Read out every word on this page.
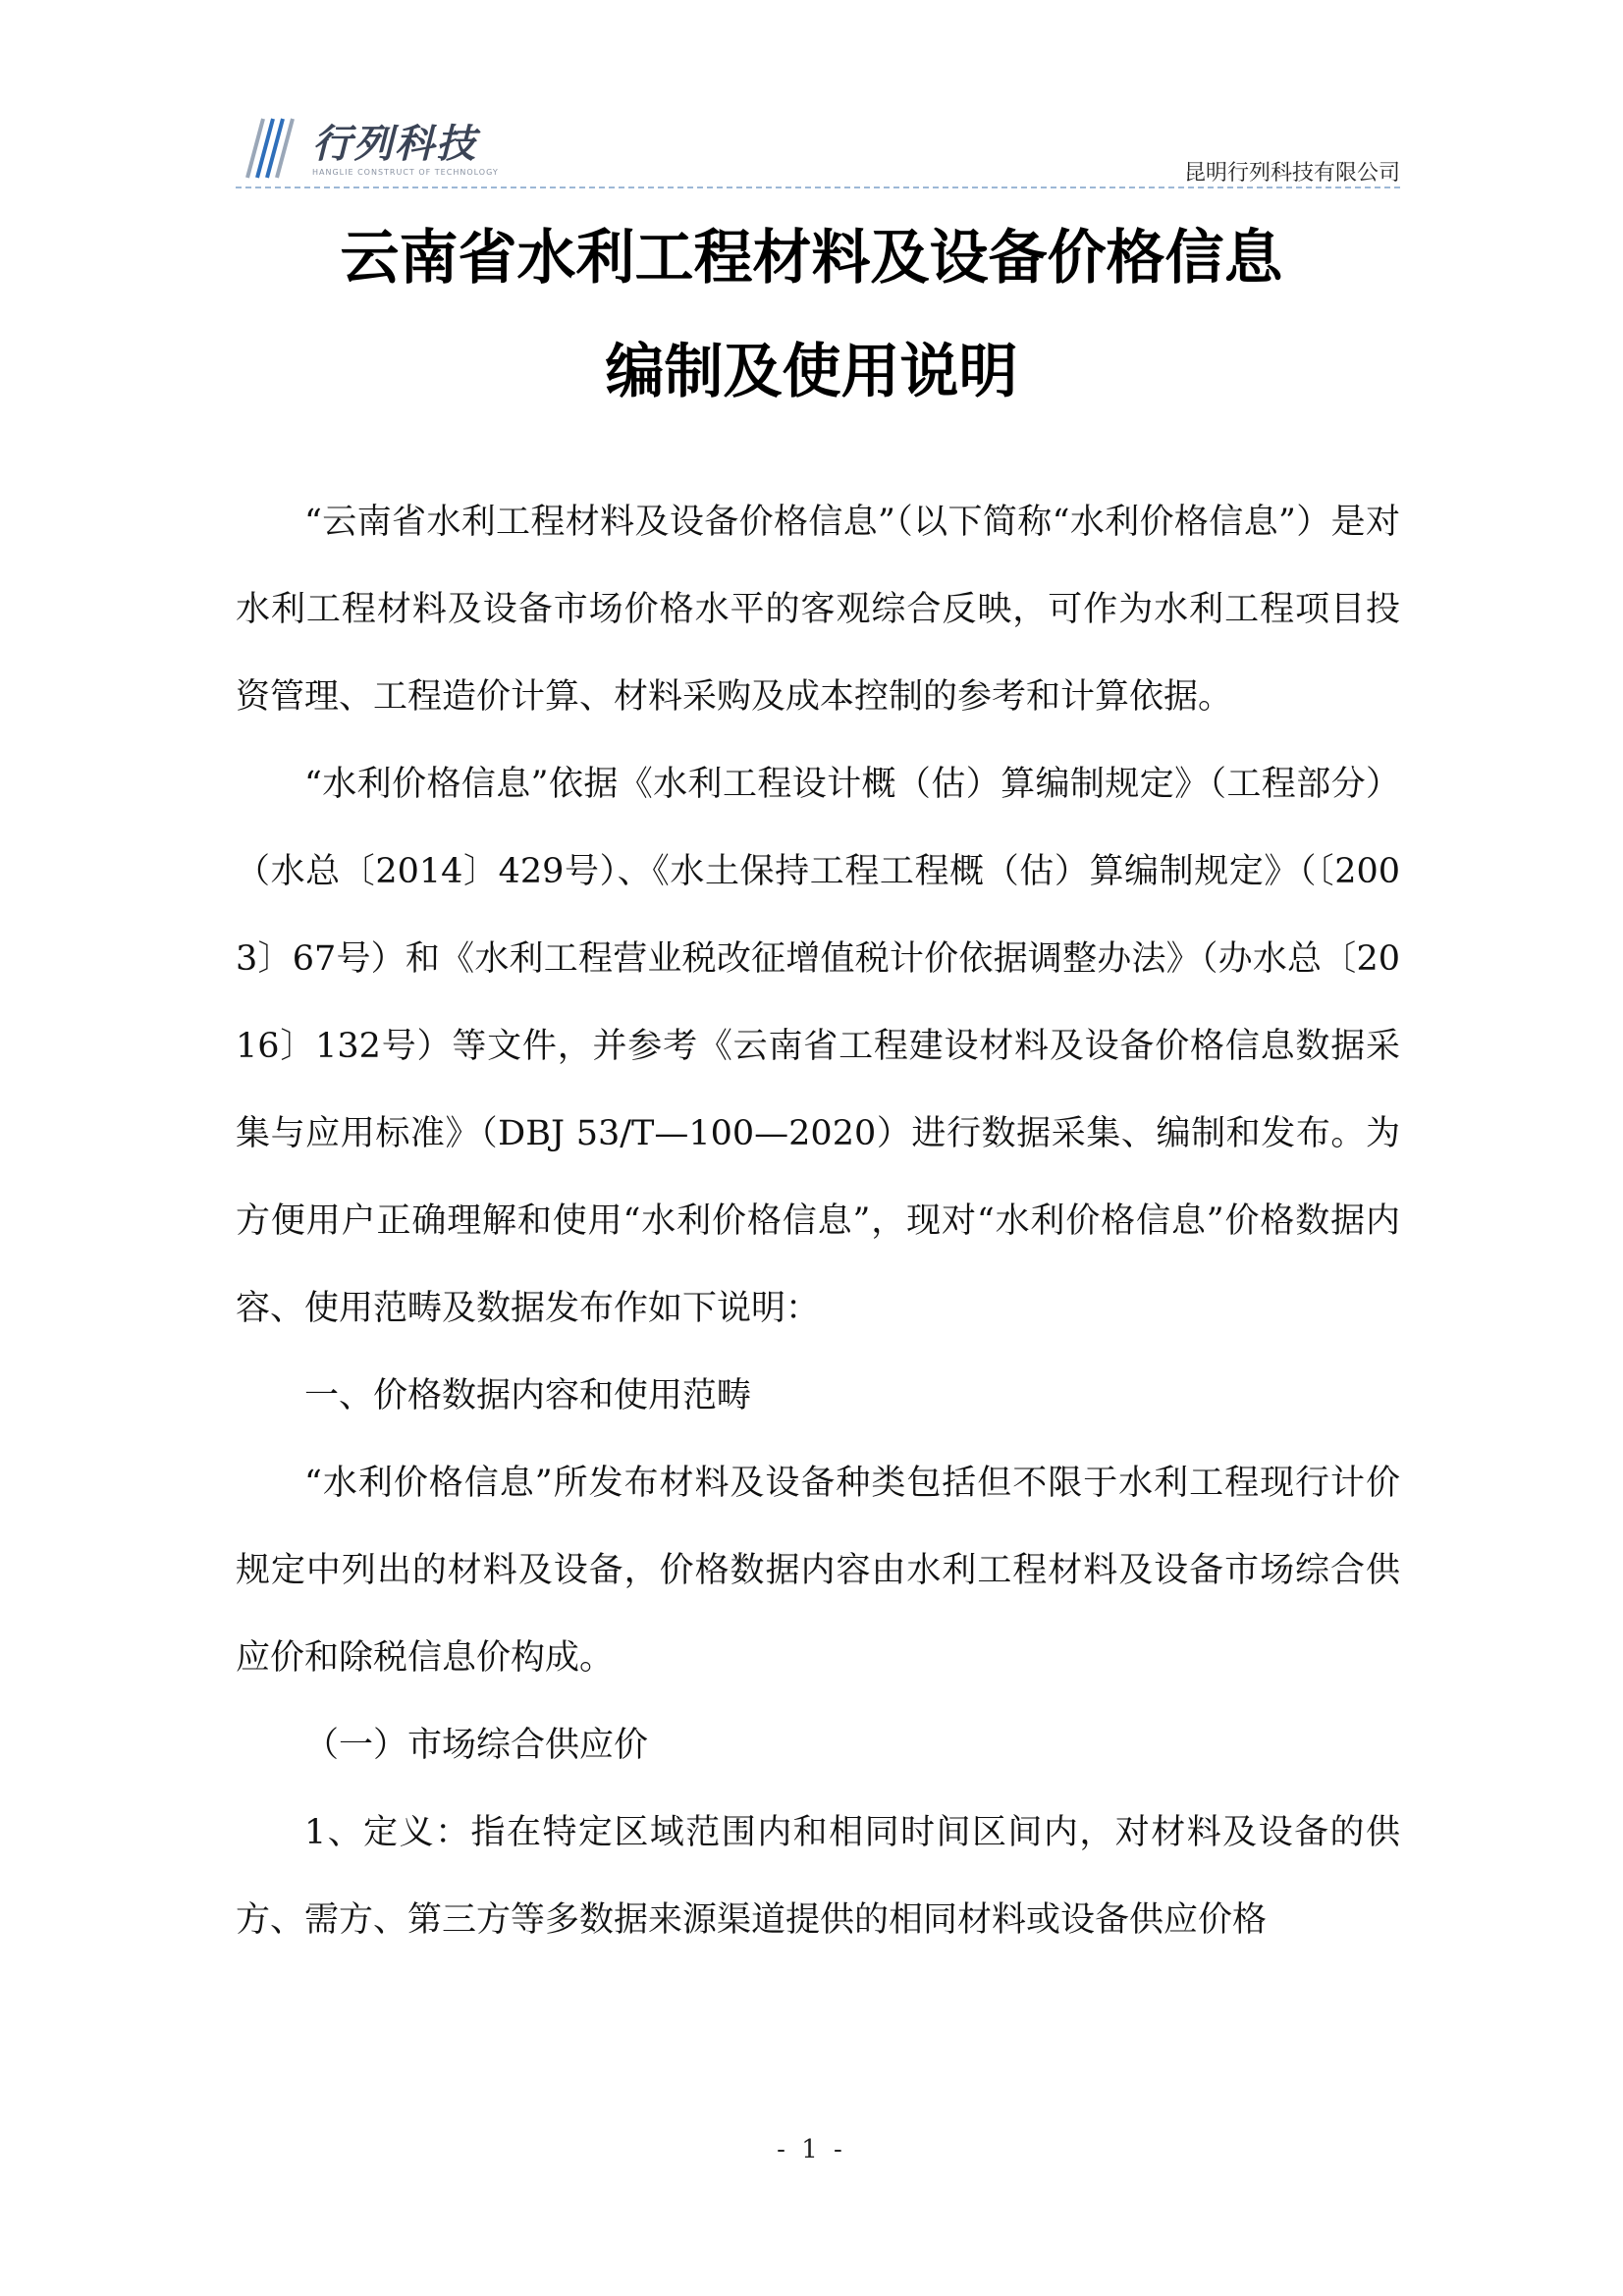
行列科技
HANGLIE CONSTRUCT OF TECHNOLOGY	昆明行列科技有限公司
云南省水利工程材料及设备价格信息
编制及使用说明

“云南省水利工程材料及设备价格信息”（以下简称“水利价格信息”）是对水利工程材料及设备市场价格水平的客观综合反映，可作为水利工程项目投资管理、工程造价计算、材料采购及成本控制的参考和计算依据。

“水利价格信息”依据《水利工程设计概（估）算编制规定》（工程部分）（水总〔2014〕429号）、《水土保持工程工程概（估）算编制规定》（〔2003〕67号）和《水利工程营业税改征增值税计价依据调整办法》（办水总〔2016〕132号）等文件，并参考《云南省工程建设材料及设备价格信息数据采集与应用标准》（DBJ 53/T—100—2020）进行数据采集、编制和发布。为方便用户正确理解和使用“水利价格信息”，现对“水利价格信息”价格数据内容、使用范畴及数据发布作如下说明：

一、价格数据内容和使用范畴

“水利价格信息”所发布材料及设备种类包括但不限于水利工程现行计价规定中列出的材料及设备，价格数据内容由水利工程材料及设备市场综合供应价和除税信息价构成。

（一）市场综合供应价

1、定义：指在特定区域范围内和相同时间区间内，对材料及设备的供方、需方、第三方等多数据来源渠道提供的相同材料或设备供应价格

- 1 -
